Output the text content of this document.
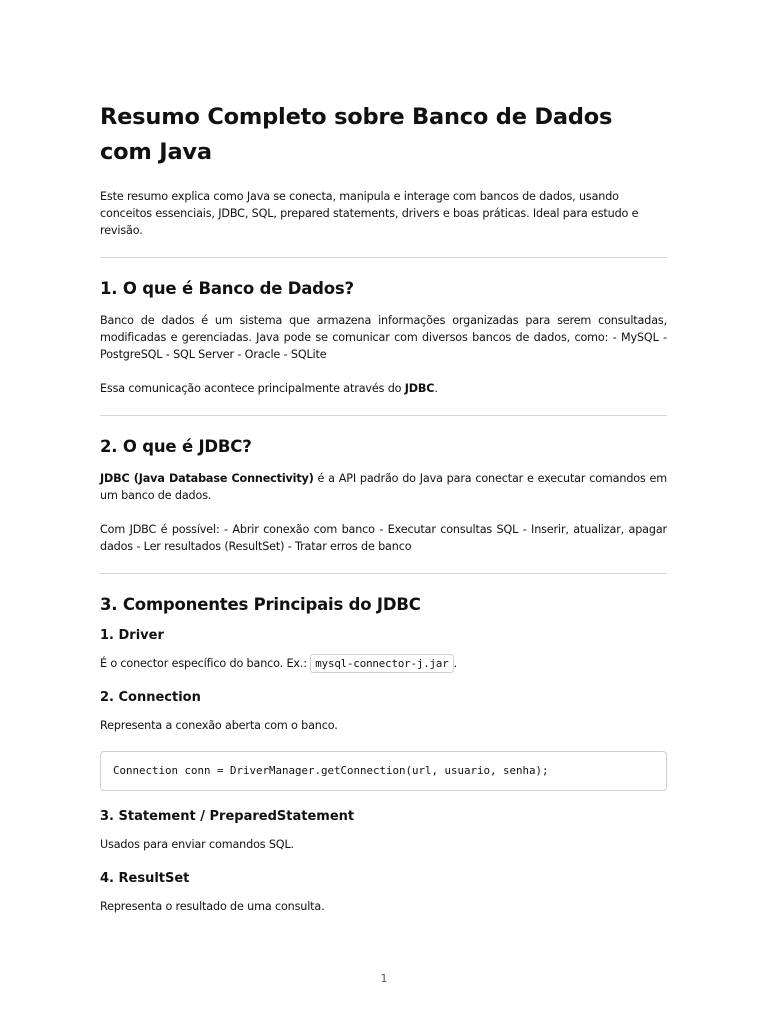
Resumo Completo sobre Banco de Dados com Java

Este resumo explica como Java se conecta, manipula e interage com bancos de dados, usando conceitos essenciais, JDBC, SQL, prepared statements, drivers e boas práticas. Ideal para estudo e revisão.

1. O que é Banco de Dados?

Banco de dados é um sistema que armazena informações organizadas para serem consultadas, modificadas e gerenciadas. Java pode se comunicar com diversos bancos de dados, como: - MySQL - PostgreSQL - SQL Server - Oracle - SQLite

Essa comunicação acontece principalmente através do JDBC.

2. O que é JDBC?

JDBC (Java Database Connectivity) é a API padrão do Java para conectar e executar comandos em um banco de dados.

Com JDBC é possível: - Abrir conexão com banco - Executar consultas SQL - Inserir, atualizar, apagar dados - Ler resultados (ResultSet) - Tratar erros de banco

3. Componentes Principais do JDBC
1. Driver

É o conector específico do banco. Ex.: mysql-connector-j.jar .

2. Connection

Representa a conexão aberta com o banco.

Connection conn = DriverManager.getConnection(url, usuario, senha);
3. Statement / PreparedStatement

Usados para enviar comandos SQL.

4. ResultSet

Representa o resultado de uma consulta.

1
